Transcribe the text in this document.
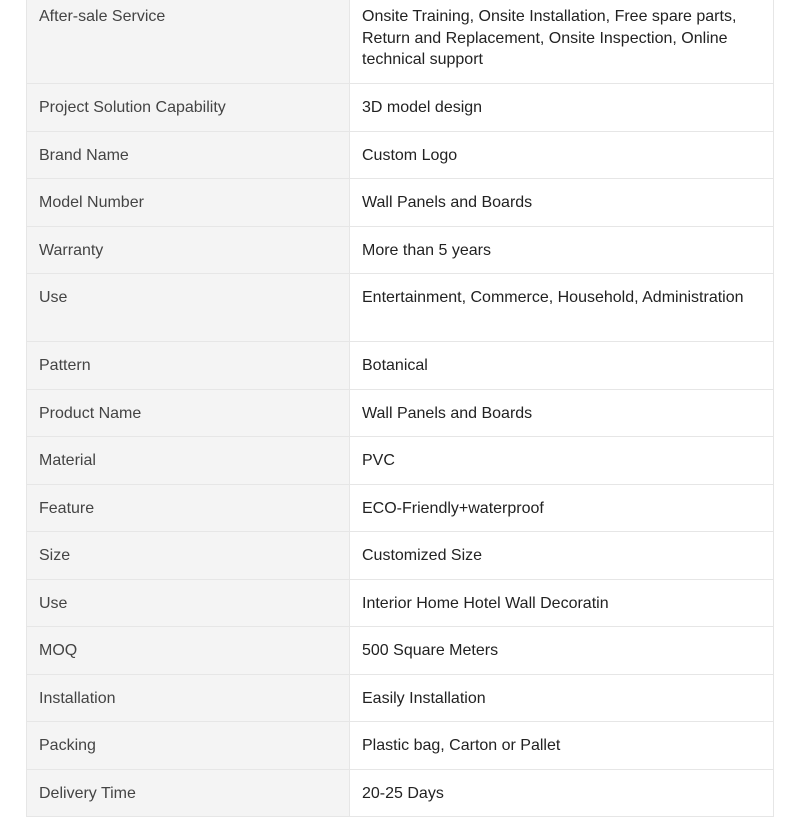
After-sale Service	Onsite Training, Onsite Installation, Free spare parts, Return and Replacement, Onsite Inspection, Online technical support

Project Solution Capability	3D model design

Brand Name	Custom Logo

Model Number	Wall Panels and Boards

Warranty	More than 5 years

Use	Entertainment, Commerce, Household, Administration

Pattern	Botanical

Product Name	Wall Panels and Boards

Material	PVC

Feature	ECO-Friendly+waterproof

Size	Customized Size

Use	Interior Home Hotel Wall Decoratin

MOQ	500 Square Meters

Installation	Easily Installation

Packing	Plastic bag, Carton or Pallet

Delivery Time	20-25 Days
